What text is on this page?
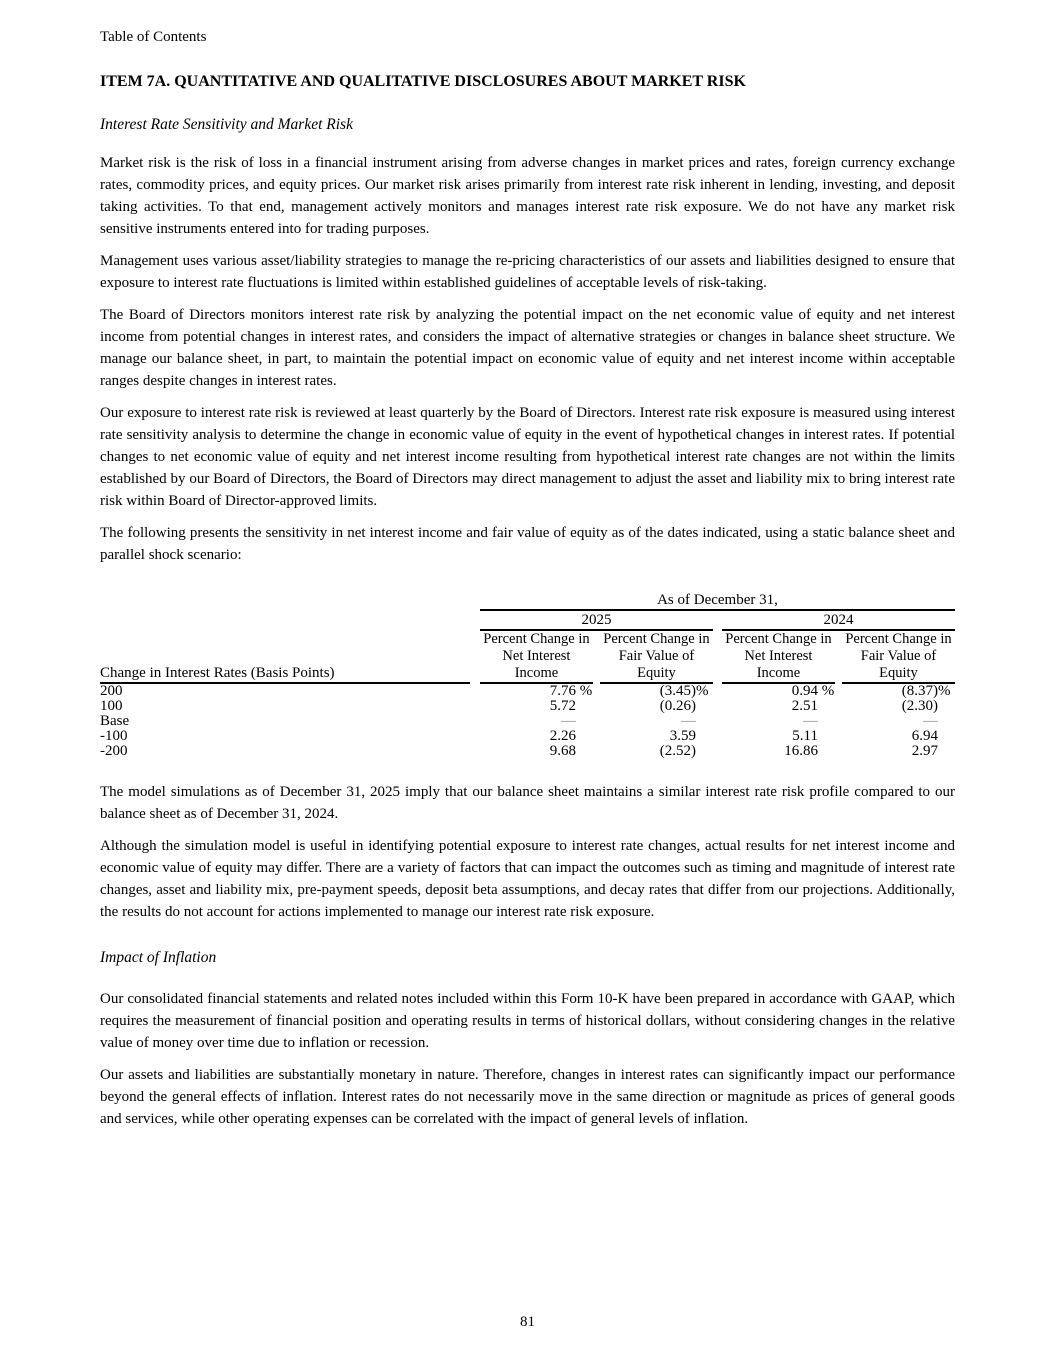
Table of Contents
ITEM 7A. QUANTITATIVE AND QUALITATIVE DISCLOSURES ABOUT MARKET RISK
Interest Rate Sensitivity and Market Risk

Market risk is the risk of loss in a financial instrument arising from adverse changes in market prices and rates, foreign currency exchange rates, commodity prices, and equity prices. Our market risk arises primarily from interest rate risk inherent in lending, investing, and deposit taking activities. To that end, management actively monitors and manages interest rate risk exposure. We do not have any market risk sensitive instruments entered into for trading purposes.

Management uses various asset/liability strategies to manage the re-pricing characteristics of our assets and liabilities designed to ensure that exposure to interest rate fluctuations is limited within established guidelines of acceptable levels of risk-taking.

The Board of Directors monitors interest rate risk by analyzing the potential impact on the net economic value of equity and net interest income from potential changes in interest rates, and considers the impact of alternative strategies or changes in balance sheet structure. We manage our balance sheet, in part, to maintain the potential impact on economic value of equity and net interest income within acceptable ranges despite changes in interest rates.

Our exposure to interest rate risk is reviewed at least quarterly by the Board of Directors. Interest rate risk exposure is measured using interest rate sensitivity analysis to determine the change in economic value of equity in the event of hypothetical changes in interest rates. If potential changes to net economic value of equity and net interest income resulting from hypothetical interest rate changes are not within the limits established by our Board of Directors, the Board of Directors may direct management to adjust the asset and liability mix to bring interest rate risk within Board of Director-approved limits.

The following presents the sensitivity in net interest income and fair value of equity as of the dates indicated, using a static balance sheet and parallel shock scenario:

		As of December 31,						
		2025				2024		
Change in Interest Rates (Basis Points)		Percent Change in Net Interest Income		Percent Change in Fair Value of Equity		Percent Change in Net Interest Income		Percent Change in Fair Value of Equity
200		7.76 %		(3.45)%		0.94 %		(8.37)%
100		5.72		(0.26)		2.51		(2.30)
Base		—		—		—		—
-100		2.26		3.59		5.11		6.94
-200		9.68		(2.52)		16.86		2.97

The model simulations as of December 31, 2025 imply that our balance sheet maintains a similar interest rate risk profile compared to our balance sheet as of December 31, 2024.

Although the simulation model is useful in identifying potential exposure to interest rate changes, actual results for net interest income and economic value of equity may differ. There are a variety of factors that can impact the outcomes such as timing and magnitude of interest rate changes, asset and liability mix, pre-payment speeds, deposit beta assumptions, and decay rates that differ from our projections. Additionally, the results do not account for actions implemented to manage our interest rate risk exposure.

Impact of Inflation

Our consolidated financial statements and related notes included within this Form 10-K have been prepared in accordance with GAAP, which requires the measurement of financial position and operating results in terms of historical dollars, without considering changes in the relative value of money over time due to inflation or recession.

Our assets and liabilities are substantially monetary in nature. Therefore, changes in interest rates can significantly impact our performance beyond the general effects of inflation. Interest rates do not necessarily move in the same direction or magnitude as prices of general goods and services, while other operating expenses can be correlated with the impact of general levels of inflation.

81
